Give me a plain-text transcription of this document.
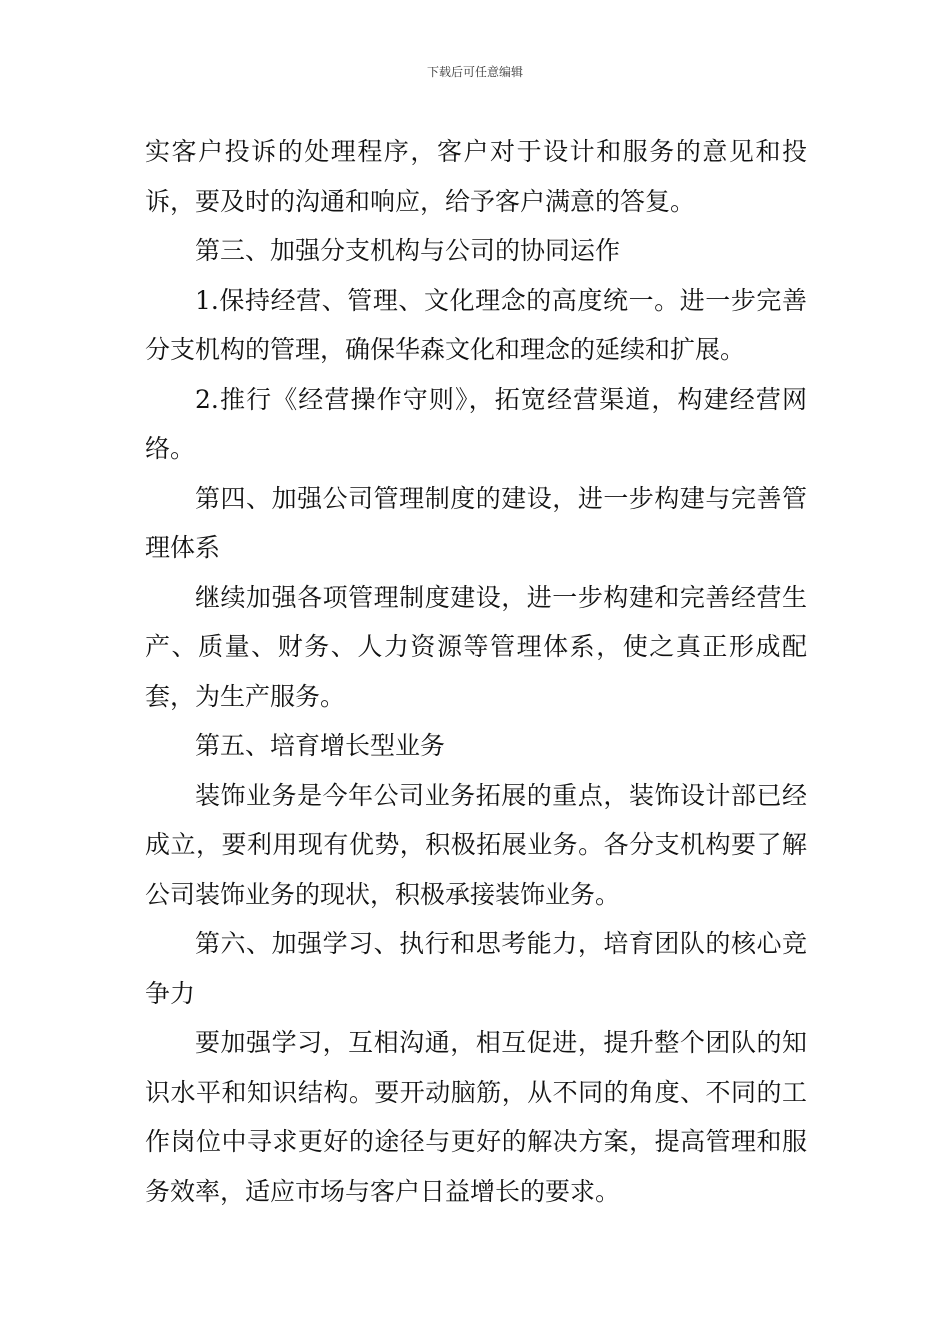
下载后可任意编辑

实客户投诉的处理程序，客户对于设计和服务的意见和投诉，要及时的沟通和响应，给予客户满意的答复。

第三、加强分支机构与公司的协同运作

1.保持经营、管理、文化理念的高度统一。进一步完善分支机构的管理，确保华森文化和理念的延续和扩展。

2.推行《经营操作守则》，拓宽经营渠道，构建经营网络。

第四、加强公司管理制度的建设，进一步构建与完善管理体系

继续加强各项管理制度建设，进一步构建和完善经营生产、质量、财务、人力资源等管理体系，使之真正形成配套，为生产服务。

第五、培育增长型业务

装饰业务是今年公司业务拓展的重点，装饰设计部已经成立，要利用现有优势，积极拓展业务。各分支机构要了解公司装饰业务的现状，积极承接装饰业务。

第六、加强学习、执行和思考能力，培育团队的核心竞争力

要加强学习，互相沟通，相互促进，提升整个团队的知识水平和知识结构。要开动脑筋，从不同的角度、不同的工作岗位中寻求更好的途径与更好的解决方案，提高管理和服务效率，适应市场与客户日益增长的要求。
